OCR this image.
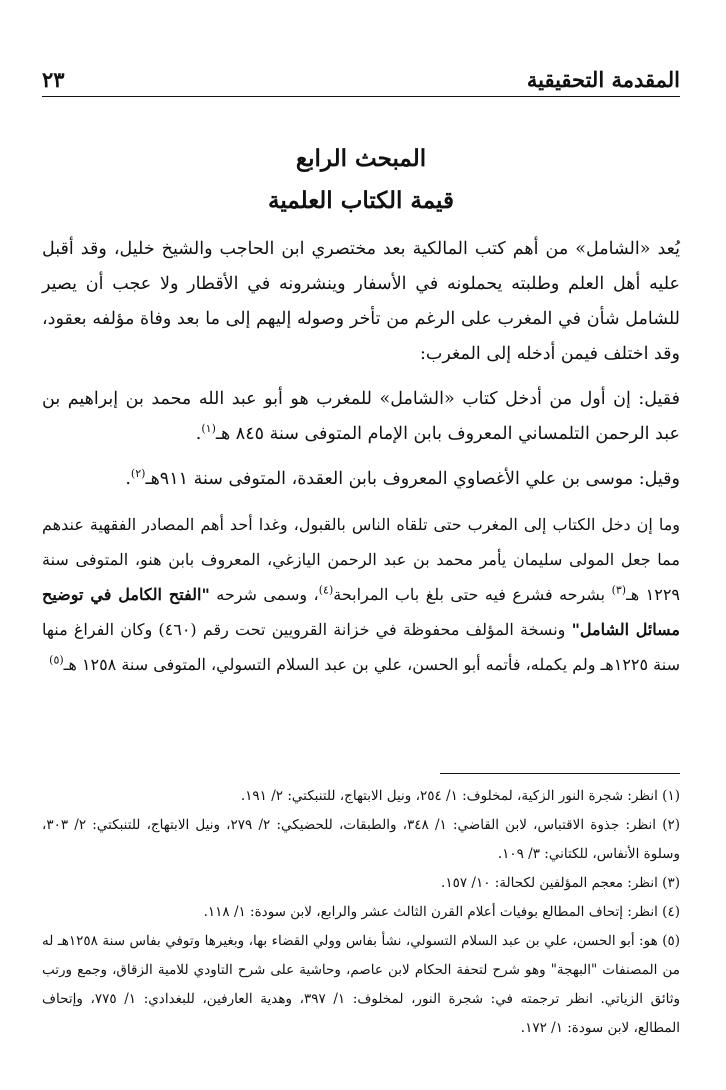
المقدمة التحقيقية
٢٣
المبحث الرابع
قيمة الكتاب العلمية

يُعد «الشامل» من أهم كتب المالكية بعد مختصري ابن الحاجب والشيخ خليل، وقد أقبل عليه أهل العلم وطلبته يحملونه في الأسفار وينشرونه في الأقطار ولا عجب أن يصير للشامل شأن في المغرب على الرغم من تأخر وصوله إليهم إلى ما بعد وفاة مؤلفه بعقود، وقد اختلف فيمن أدخله إلى المغرب:

فقيل: إن أول من أدخل كتاب «الشامل» للمغرب هو أبو عبد الله محمد بن إبراهيم بن عبد الرحمن التلمساني المعروف بابن الإمام المتوفى سنة ٨٤٥ هـ$^{(١)}$.

وقيل: موسى بن علي الأغصاوي المعروف بابن العقدة، المتوفى سنة ٩١١هـ$^{(٢)}$.

وما إن دخل الكتاب إلى المغرب حتى تلقاه الناس بالقبول، وغدا أحد أهم المصادر الفقهية عندهم مما جعل المولى سليمان يأمر محمد بن عبد الرحمن اليازغي، المعروف بابن هنو، المتوفى سنة ١٢٢٩ هـ$^{(٣)}$ بشرحه فشرع فيه حتى بلغ باب المرابحة$^{(٤)}$، وسمى شرحه "الفتح الكامل في توضيح مسائل الشامل" ونسخة المؤلف محفوظة في خزانة القرويين تحت رقم (٤٦٠) وكان الفراغ منها سنة ١٢٢٥هـ ولم يكمله، فأتمه أبو الحسن، علي بن عبد السلام التسولي، المتوفى سنة ١٢٥٨ هـ$^{(٥)}$

(١) انظر: شجرة النور الزكية، لمخلوف: ١/ ٢٥٤، ونيل الابتهاج، للتنبكتي: ٢/ ١٩١.

(٢) انظر: جذوة الاقتباس، لابن القاضي: ١/ ٣٤٨، والطبقات، للحضيكي: ٢/ ٢٧٩، ونيل الابتهاج، للتنبكتي: ٢/ ٣٠٣، وسلوة الأنفاس، للكتاني: ٣/ ١٠٩.

(٣) انظر: معجم المؤلفين لكحالة: ١٠/ ١٥٧.

(٤) انظر: إتحاف المطالع بوفيات أعلام القرن الثالث عشر والرابع، لابن سودة: ١/ ١١٨.

(٥) هو: أبو الحسن، علي بن عبد السلام التسولي، نشأ بفاس وولي القضاء بها، وبغيرها وتوفي بفاس سنة ١٢٥٨هـ له من المصنفات "البهجة" وهو شرح لتحفة الحكام لابن عاصم، وحاشية على شرح التاودي للامية الزقاق، وجمع ورتب وثائق الزياتي. انظر ترجمته في: شجرة النور، لمخلوف: ١/ ٣٩٧، وهدية العارفين، للبغدادي: ١/ ٧٧٥، وإتحاف المطالع، لابن سودة: ١/ ١٧٢.
